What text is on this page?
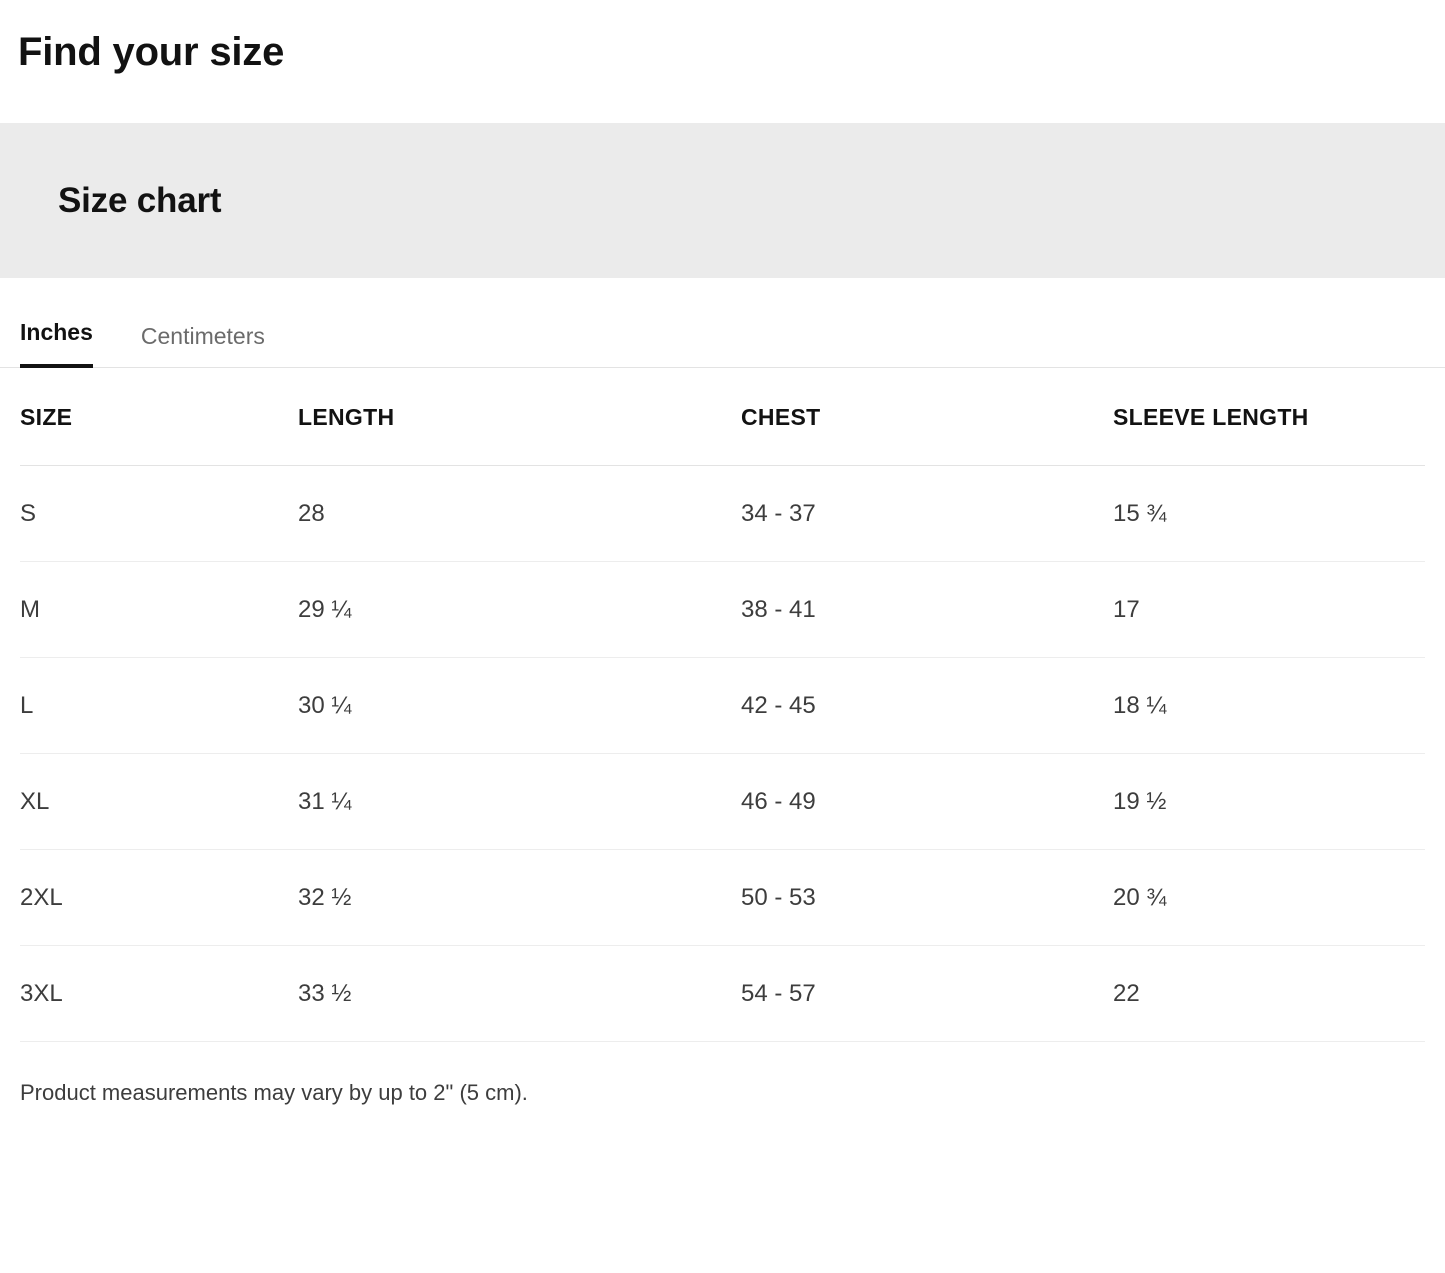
Find your size
Size chart
Inches Centimeters
SIZE	LENGTH	CHEST	SLEEVE LENGTH
S	28	34 - 37	15 ¾
M	29 ¼	38 - 41	17
L	30 ¼	42 - 45	18 ¼
XL	31 ¼	46 - 49	19 ½
2XL	32 ½	50 - 53	20 ¾
3XL	33 ½	54 - 57	22
Product measurements may vary by up to 2" (5 cm).
